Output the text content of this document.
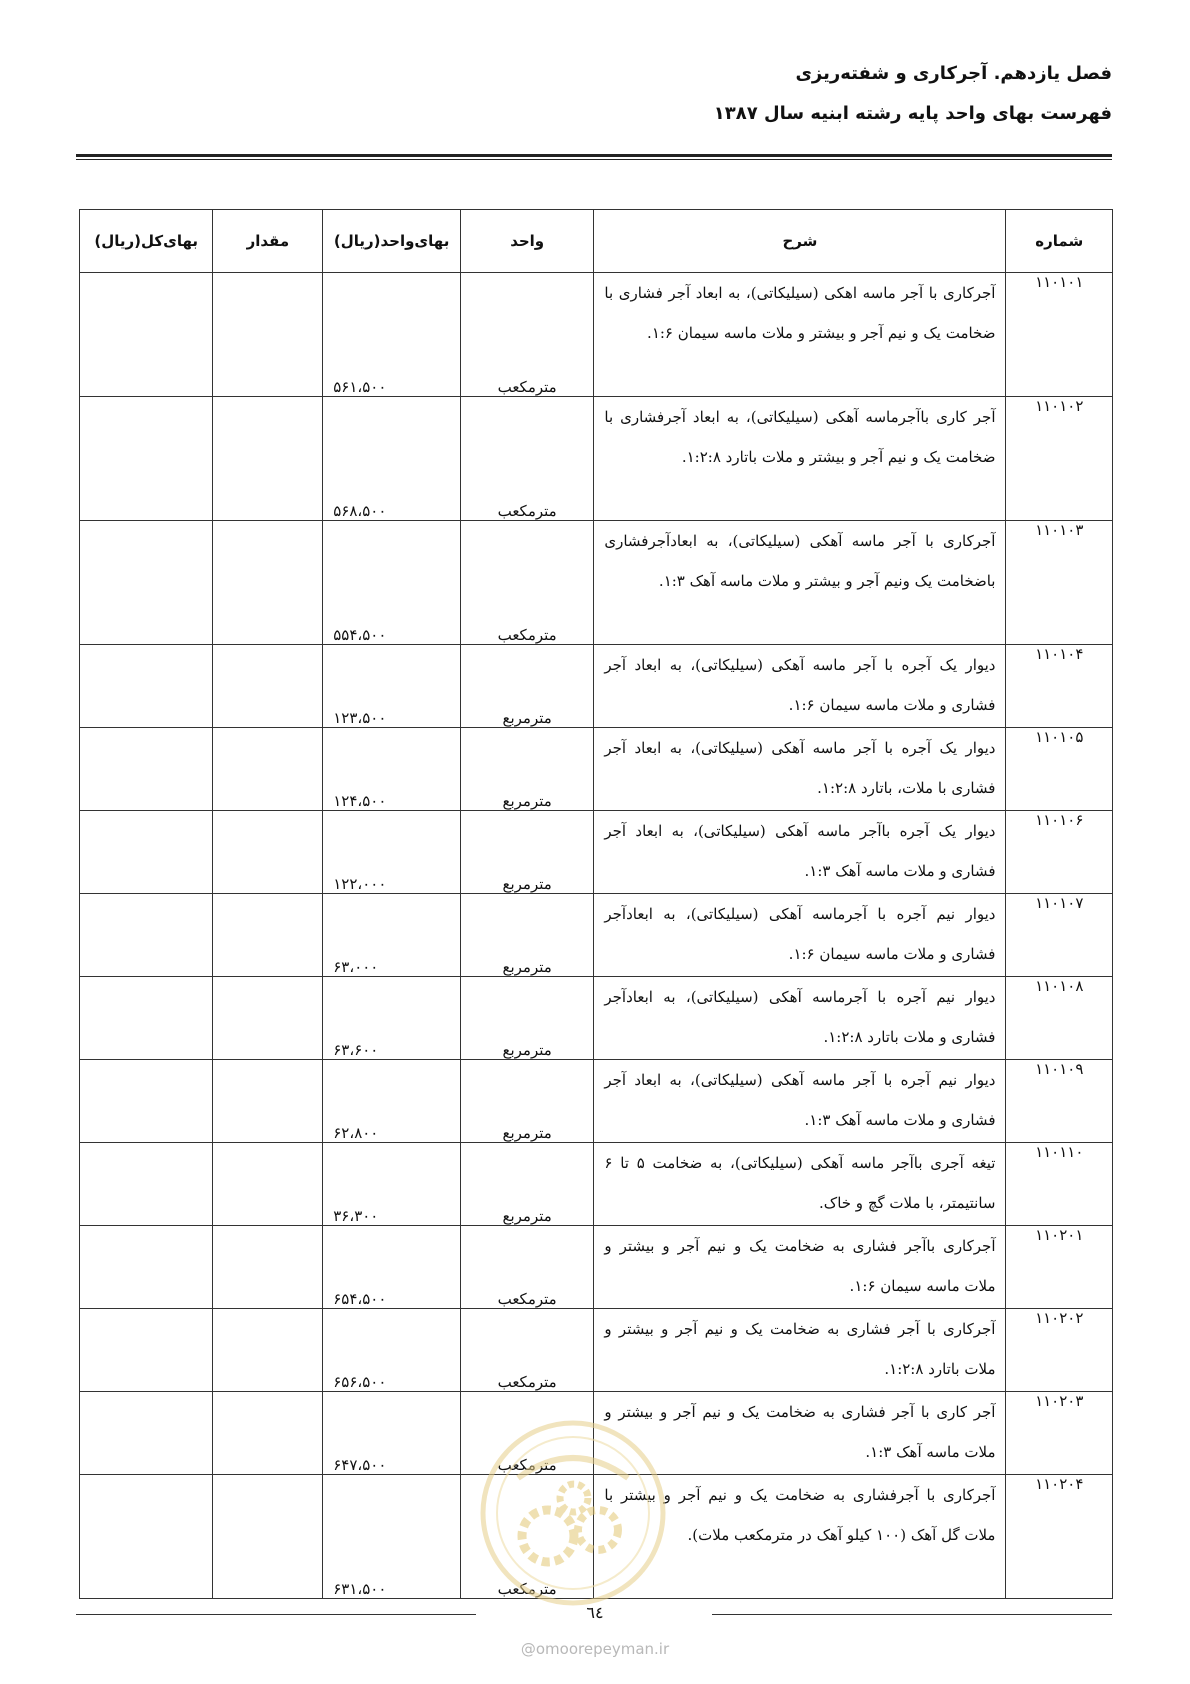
فصل یازدهم. آجرکاری و شفته‌ریزی
فهرست بهای واحد پایه رشته ابنیه سال ۱۳۸۷
شماره	شرح	واحد	بهای‌واحد(ریال)	مقدار	بهای‌کل(ریال)
۱۱۰۱۰۱	آجرکاری با آجر ماسه اهکی (سیلیکاتی)، به ابعاد آجر فشاری با ضخامت یک و نیم آجر و بیشتر و ملات ماسه سیمان ۱:۶.	مترمکعب	۵۶۱،۵۰۰		
۱۱۰۱۰۲	آجر کاری باآجرماسه آهکی (سیلیکاتی)، به ابعاد آجرفشاری با ضخامت یک و نیم آجر و بیشتر و ملات باتارد ۱:۲:۸.	مترمکعب	۵۶۸،۵۰۰		
۱۱۰۱۰۳	آجرکاری با آجر ماسه آهکی (سیلیکاتی)، به ابعادآجرفشاری باضخامت یک ونیم آجر و بیشتر و ملات ماسه آهک ۱:۳.	مترمکعب	۵۵۴،۵۰۰		
۱۱۰۱۰۴	دیوار یک آجره با آجر ماسه آهکی (سیلیکاتی)، به ابعاد آجر فشاری و ملات ماسه سیمان ۱:۶.	مترمربع	۱۲۳،۵۰۰		
۱۱۰۱۰۵	دیوار یک آجره با آجر ماسه آهکی (سیلیکاتی)، به ابعاد آجر فشاری با ملات، باتارد ۱:۲:۸.	مترمربع	۱۲۴،۵۰۰		
۱۱۰۱۰۶	دیوار یک آجره باآجر ماسه آهکی (سیلیکاتی)، به ابعاد آجر فشاری و ملات ماسه آهک ۱:۳.	مترمربع	۱۲۲،۰۰۰		
۱۱۰۱۰۷	دیوار نیم آجره با آجرماسه آهکی (سیلیکاتی)، به ابعادآجر فشاری و ملات ماسه سیمان ۱:۶.	مترمربع	۶۳،۰۰۰		
۱۱۰۱۰۸	دیوار نیم آجره با آجرماسه آهکی (سیلیکاتی)، به ابعادآجر فشاری و ملات باتارد ۱:۲:۸.	مترمربع	۶۳،۶۰۰		
۱۱۰۱۰۹	دیوار نیم آجره با آجر ماسه آهکی (سیلیکاتی)، به ابعاد آجر فشاری و ملات ماسه آهک ۱:۳.	مترمربع	۶۲،۸۰۰		
۱۱۰۱۱۰	تیغه آجری باآجر ماسه آهکی (سیلیکاتی)، به ضخامت ۵ تا ۶ سانتیمتر، با ملات گچ و خاک.	مترمربع	۳۶،۳۰۰		
۱۱۰۲۰۱	آجرکاری باآجر فشاری به ضخامت یک و نیم آجر و بیشتر و ملات ماسه سیمان ۱:۶.	مترمکعب	۶۵۴،۵۰۰		
۱۱۰۲۰۲	آجرکاری با آجر فشاری به ضخامت یک و نیم آجر و بیشتر و ملات باتارد ۱:۲:۸.	مترمکعب	۶۵۶،۵۰۰		
۱۱۰۲۰۳	آجر کاری با آجر فشاری به ضخامت یک و نیم آجر و بیشتر و ملات ماسه آهک ۱:۳.	مترمکعب	۶۴۷،۵۰۰		
۱۱۰۲۰۴	آجرکاری با آجرفشاری به ضخامت یک و نیم آجر و بیشتر با ملات گل آهک (۱۰۰ کیلو آهک در مترمکعب ملات).	مترمکعب	۶۳۱،۵۰۰		
٦٤
@omoorepeyman.ir
